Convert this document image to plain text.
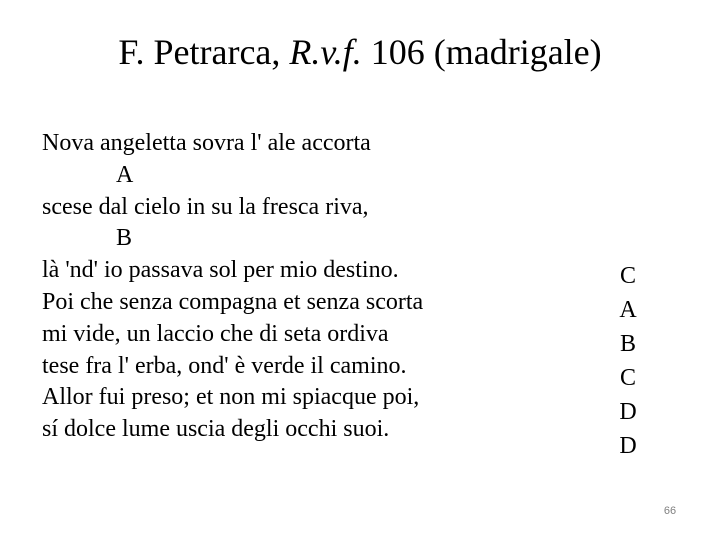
F. Petrarca, R.v.f. 106 (madrigale)
Nova angeletta sovra l' ale accorta
A
scese dal cielo in su la fresca riva,
B
là 'nd' io passava sol per mio destino.
Poi che senza compagna et senza scorta
mi vide, un laccio che di seta ordiva
tese fra l' erba, ond' è verde il camino.
Allor fui preso; et non mi spiacque poi,
sí dolce lume uscia degli occhi suoi.
C
A
B
C
D
D
66
